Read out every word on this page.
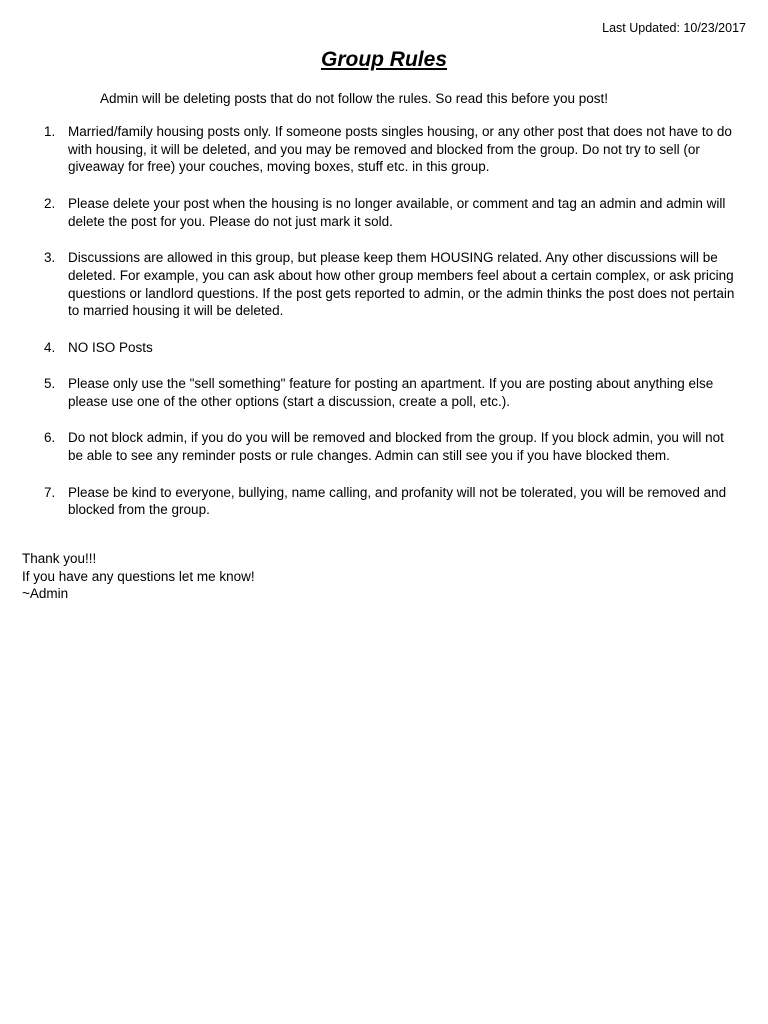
Last Updated: 10/23/2017
Group Rules
Admin will be deleting posts that do not follow the rules. So read this before you post!
1. Married/family housing posts only. If someone posts singles housing, or any other post that does not have to do with housing, it will be deleted, and you may be removed and blocked from the group. Do not try to sell (or giveaway for free) your couches, moving boxes, stuff etc. in this group.
2. Please delete your post when the housing is no longer available, or comment and tag an admin and admin will delete the post for you. Please do not just mark it sold.
3. Discussions are allowed in this group, but please keep them HOUSING related. Any other discussions will be deleted. For example, you can ask about how other group members feel about a certain complex, or ask pricing questions or landlord questions. If the post gets reported to admin, or the admin thinks the post does not pertain to married housing it will be deleted.
4. NO ISO Posts
5. Please only use the "sell something" feature for posting an apartment. If you are posting about anything else please use one of the other options (start a discussion, create a poll, etc.).
6. Do not block admin, if you do you will be removed and blocked from the group. If you block admin, you will not be able to see any reminder posts or rule changes. Admin can still see you if you have blocked them.
7. Please be kind to everyone, bullying, name calling, and profanity will not be tolerated, you will be removed and blocked from the group.
Thank you!!!
If you have any questions let me know!
~Admin
